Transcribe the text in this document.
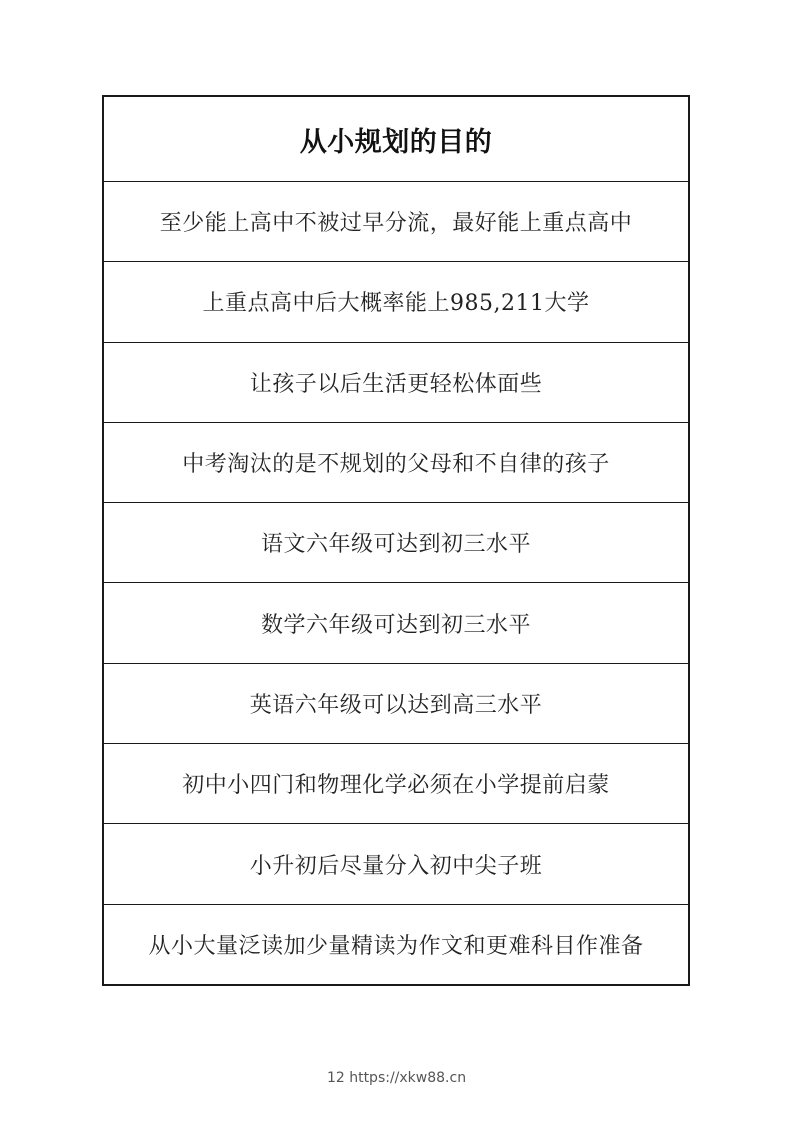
从小规划的目的
至少能上高中不被过早分流，最好能上重点高中
上重点高中后大概率能上985,211大学
让孩子以后生活更轻松体面些
中考淘汰的是不规划的父母和不自律的孩子
语文六年级可达到初三水平
数学六年级可达到初三水平
英语六年级可以达到高三水平
初中小四门和物理化学必须在小学提前启蒙
小升初后尽量分入初中尖子班
从小大量泛读加少量精读为作文和更难科目作准备
12 https://xkw88.cn
